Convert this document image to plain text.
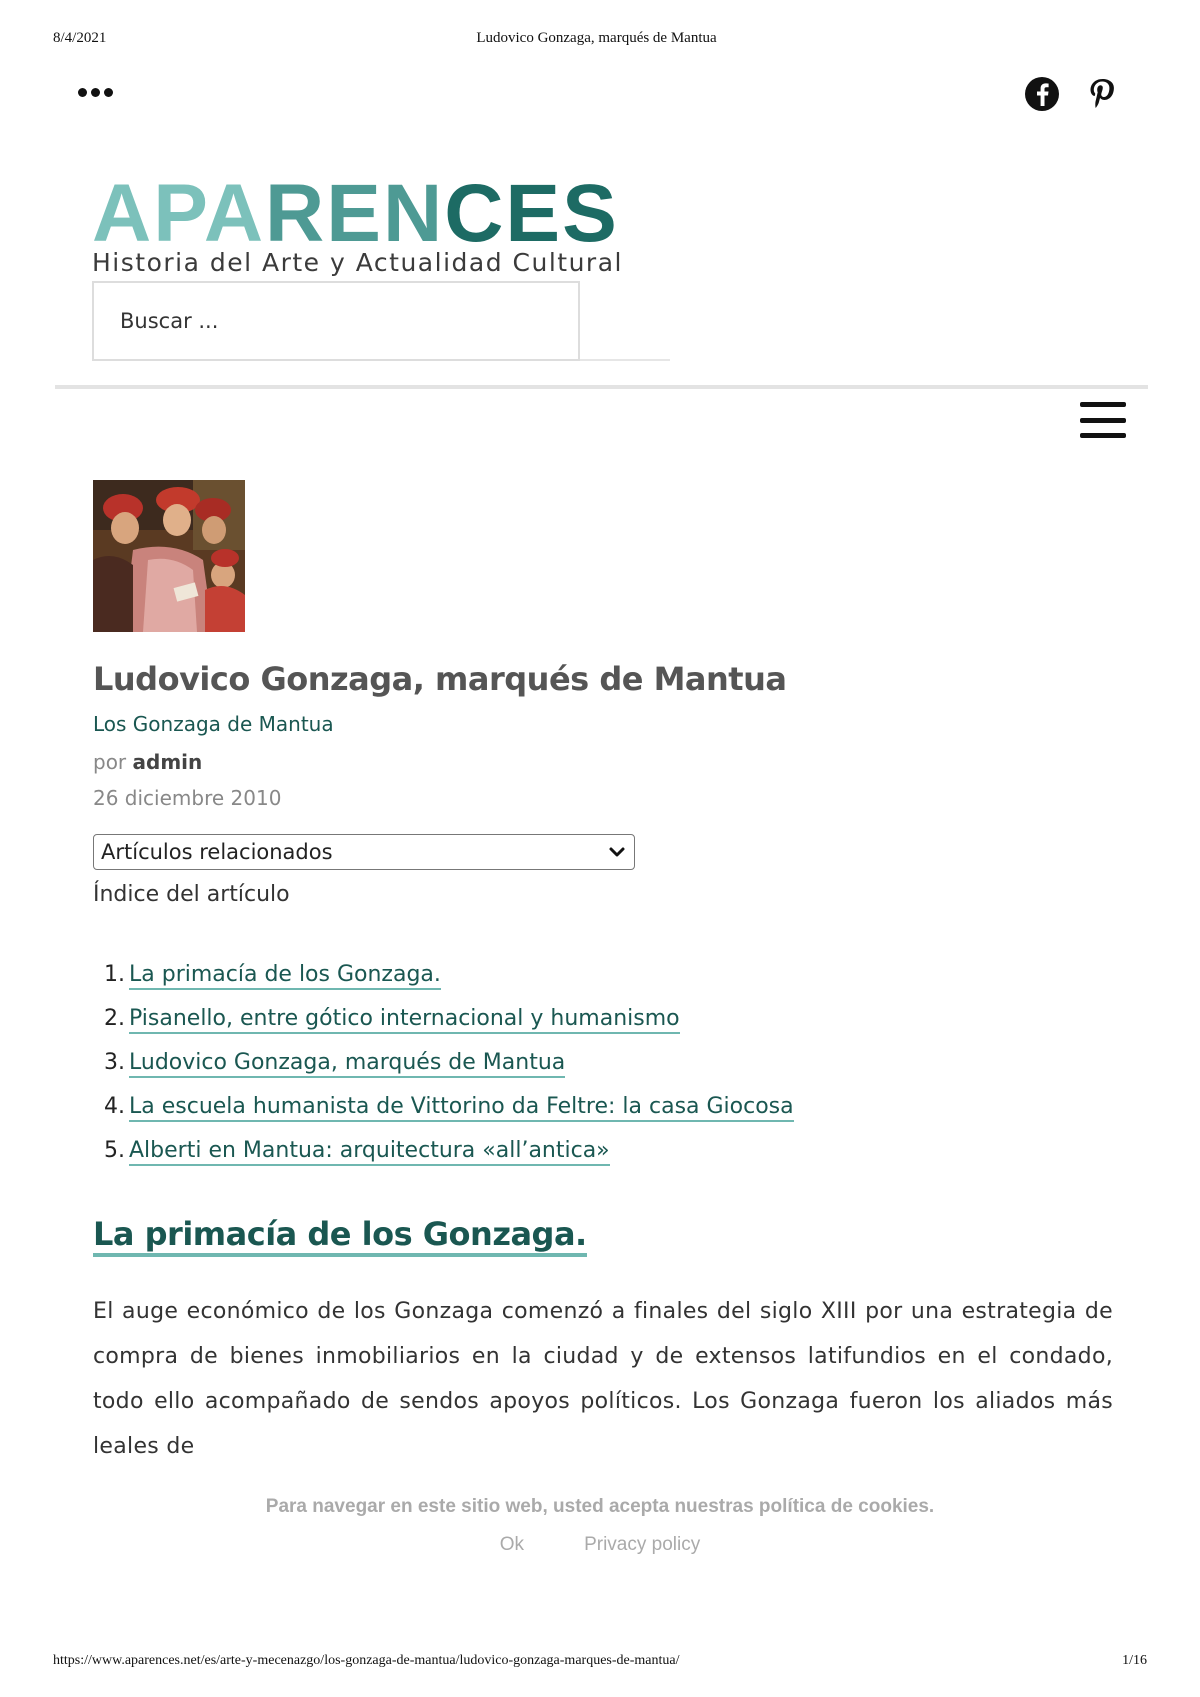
8/4/2021	Ludovico Gonzaga, marqués de Mantua
APARENCES
Historia del Arte y Actualidad Cultural
Buscar ...
Ludovico Gonzaga, marqués de Mantua
Los Gonzaga de Mantua
por admin
26 diciembre 2010
Artículos relacionados
Índice del artículo
1. La primacía de los Gonzaga.
2. Pisanello, entre gótico internacional y humanismo
3. Ludovico Gonzaga, marqués de Mantua
4. La escuela humanista de Vittorino da Feltre: la casa Giocosa
5. Alberti en Mantua: arquitectura «all’antica»
La primacía de los Gonzaga.

El auge económico de los Gonzaga comenzó a finales del siglo XIII por una estrategia de compra de bienes inmobiliarios en la ciudad y de extensos latifundios en el condado, todo ello acompañado de sendos apoyos políticos. Los Gonzaga fueron los aliados más leales de

Para navegar en este sitio web, usted acepta nuestras política de cookies.
Ok	Privacy policy
https://www.aparences.net/es/arte-y-mecenazgo/los-gonzaga-de-mantua/ludovico-gonzaga-marques-de-mantua/	1/16
